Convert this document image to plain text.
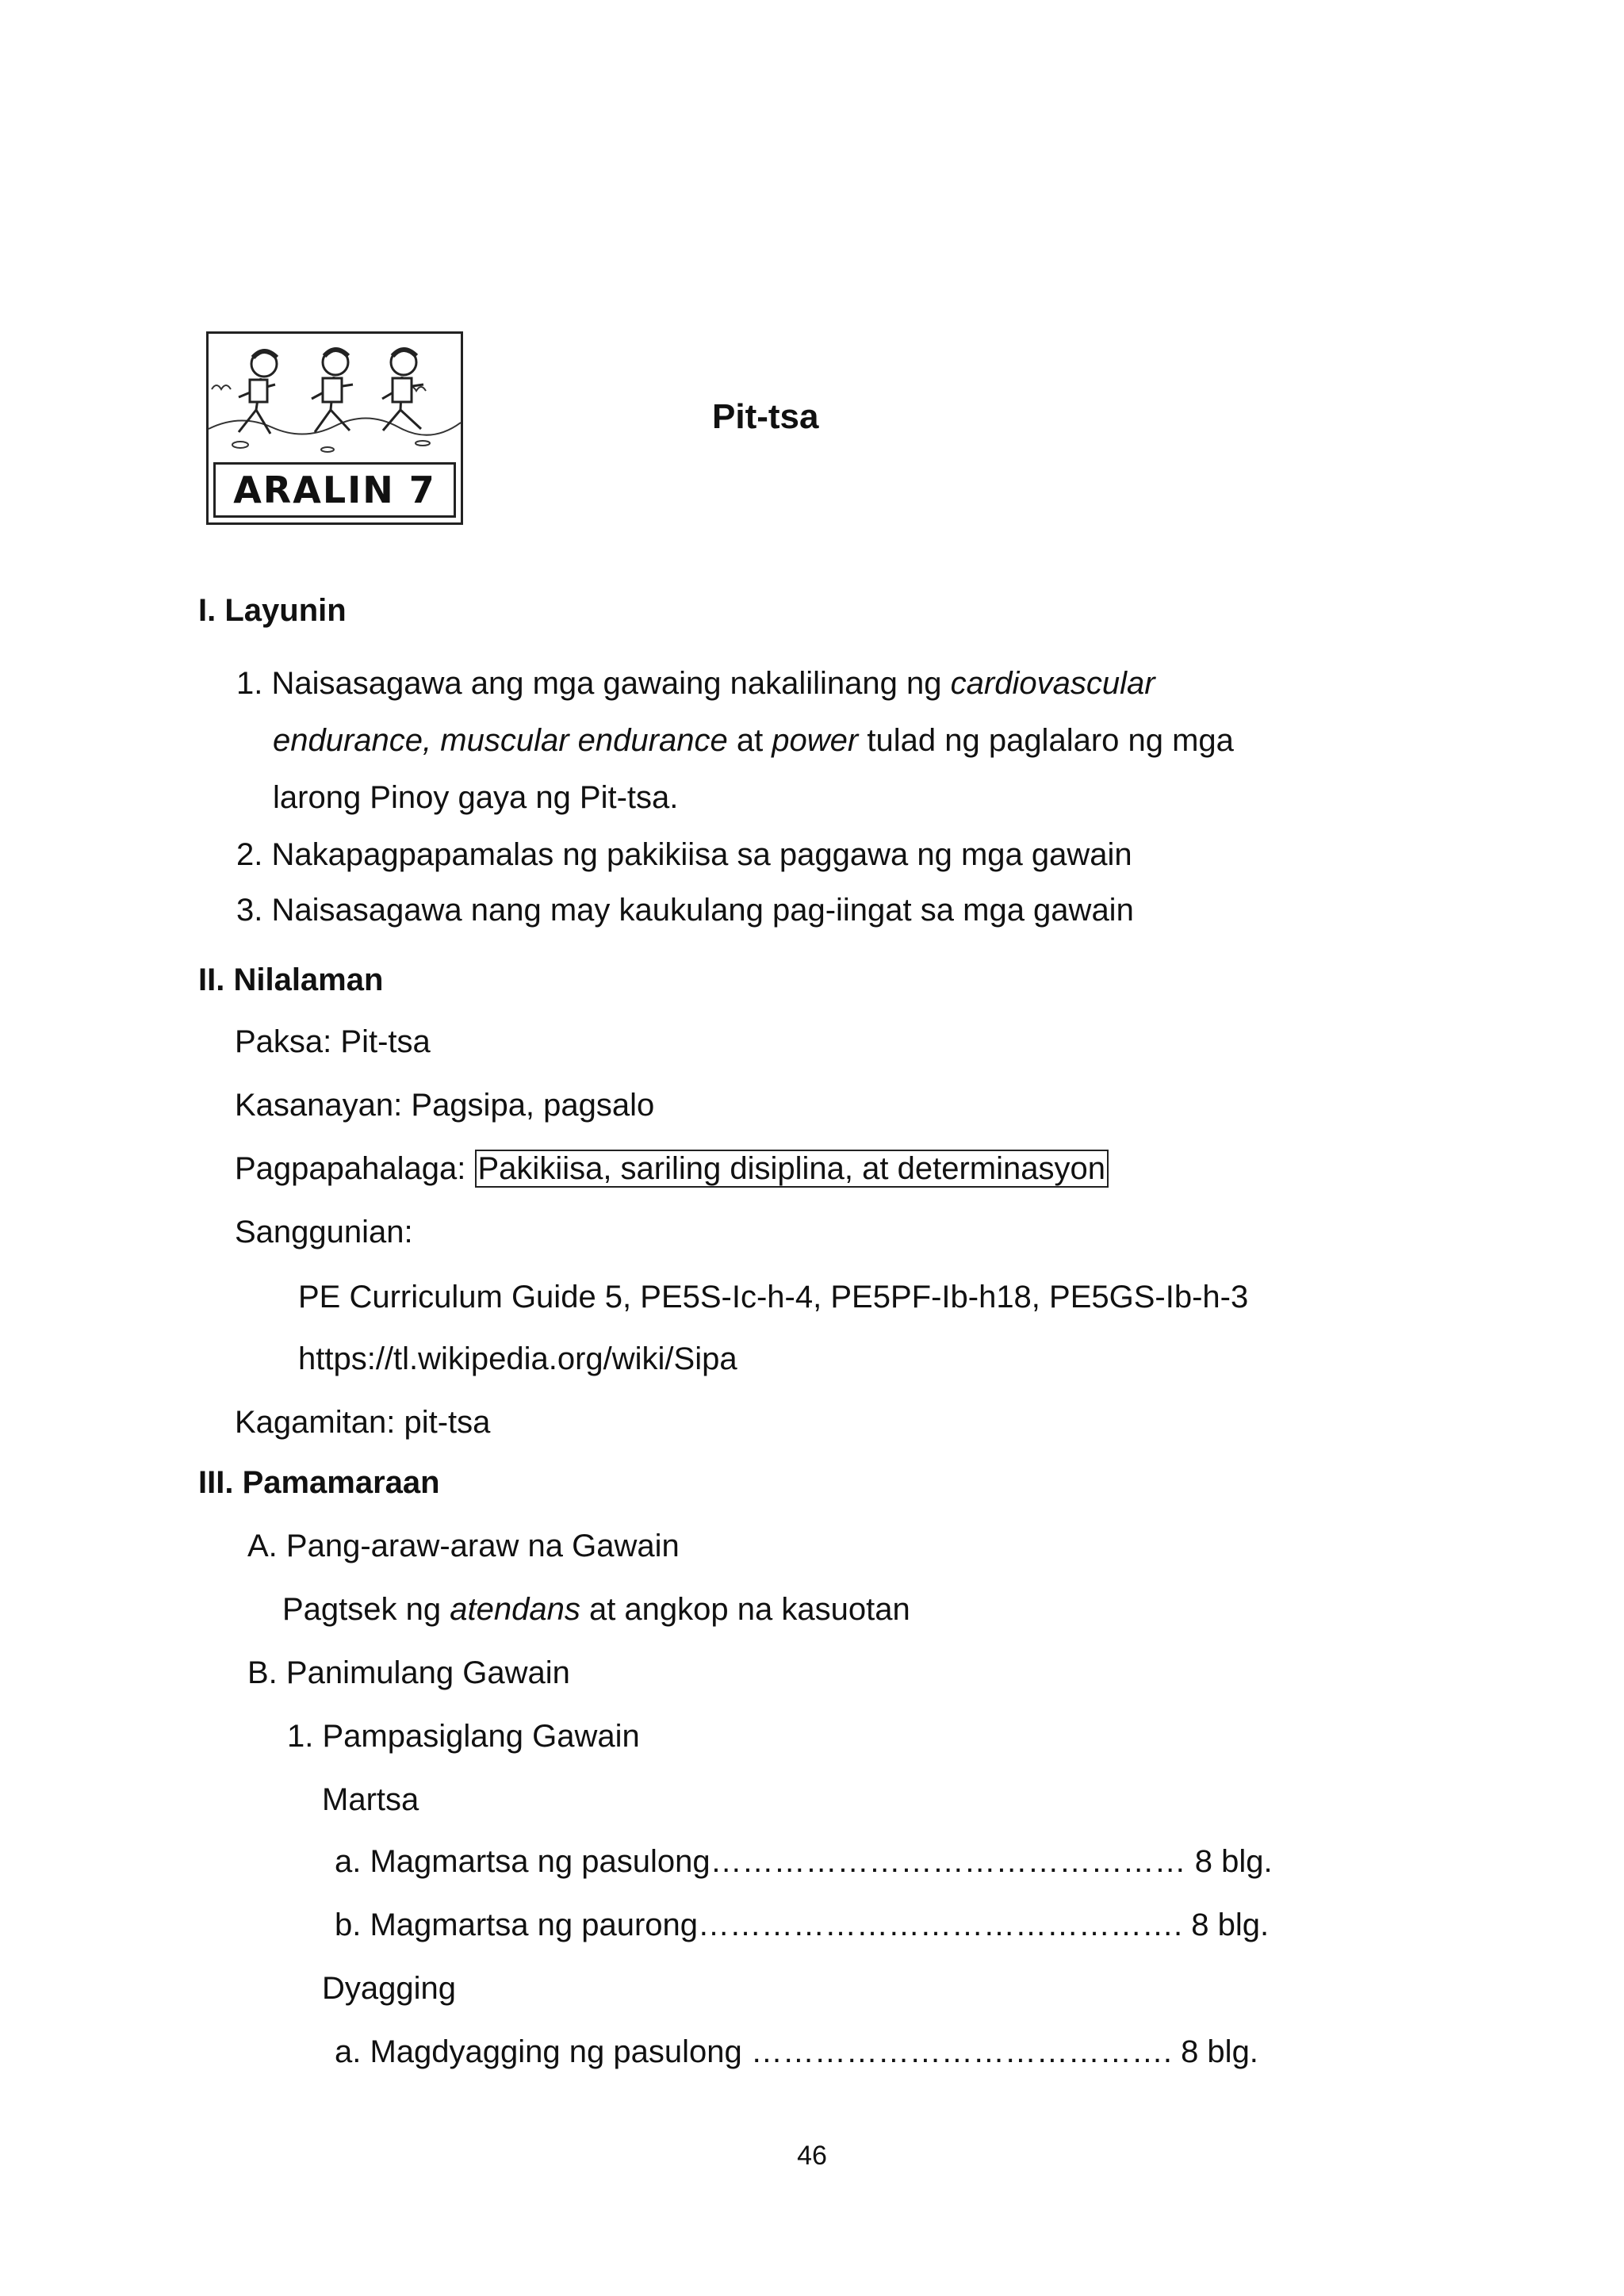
ARALIN 7
Pit-tsa
I. Layunin
1. Naisasagawa ang mga gawaing nakalilinang ng cardiovascular
endurance, muscular endurance at power tulad ng paglalaro ng mga
larong Pinoy gaya ng Pit-tsa.
2. Nakapagpapamalas ng pakikiisa sa paggawa ng mga gawain
3. Naisasagawa nang may kaukulang pag-iingat sa mga gawain
II. Nilalaman
Paksa: Pit-tsa
Kasanayan: Pagsipa, pagsalo
Pagpapahalaga: Pakikiisa, sariling disiplina, at determinasyon
Sanggunian:
PE Curriculum Guide 5, PE5S-Ic-h-4, PE5PF-Ib-h18, PE5GS-Ib-h-3
https://tl.wikipedia.org/wiki/Sipa
Kagamitan: pit-tsa
III. Pamamaraan
A. Pang-araw-araw na Gawain
Pagtsek ng atendans at angkop na kasuotan
B. Panimulang Gawain
1. Pampasiglang Gawain
Martsa
a. Magmartsa ng pasulong……………………………………… 8 blg.
b. Magmartsa ng paurong………………………………………. 8 blg.
Dyagging
a. Magdyagging ng pasulong …………………………………. 8 blg.
46
